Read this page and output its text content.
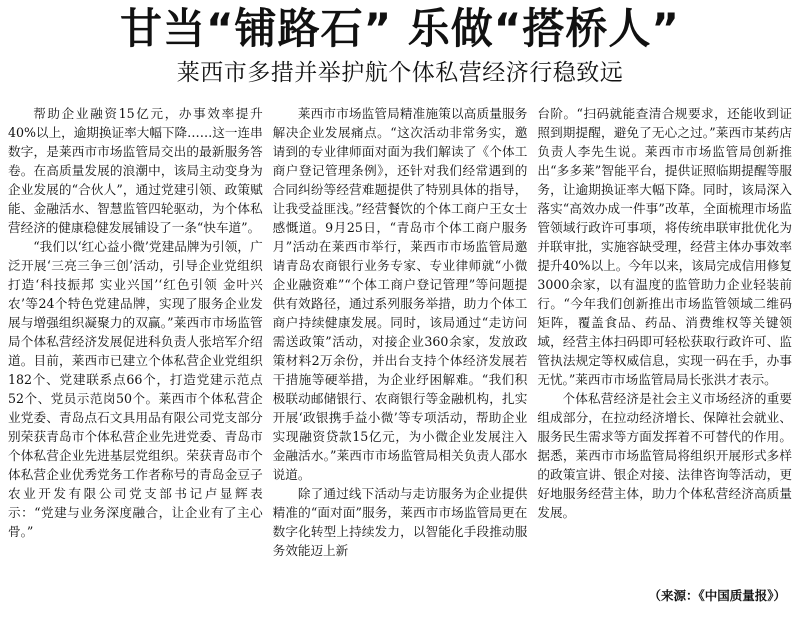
甘当“铺路石” 乐做“搭桥人”
莱西市多措并举护航个体私营经济行稳致远

帮助企业融资15亿元，办事效率提升40%以上，逾期换证率大幅下降……这一连串数字，是莱西市市场监管局交出的最新服务答卷。在高质量发展的浪潮中，该局主动变身为企业发展的“合伙人”，通过党建引领、政策赋能、金融活水、智慧监管四轮驱动，为个体私营经济的健康稳健发展铺设了一条“快车道”。

“我们以‘红心益小微’党建品牌为引领，广泛开展‘三亮三争三创’活动，引导企业党组织打造‘科技振邦 实业兴国’‘红色引领 金叶兴农’等24个特色党建品牌，实现了服务企业发展与增强组织凝聚力的双赢。”莱西市市场监管局个体私营经济发展促进科负责人张培军介绍道。目前，莱西市已建立个体私营企业党组织182个、党建联系点66个，打造党建示范点52个、党员示范岗50个。莱西市个体私营企业党委、青岛点石文具用品有限公司党支部分别荣获青岛市个体私营企业先进党委、青岛市个体私营企业先进基层党组织。荣获青岛市个体私营企业优秀党务工作者称号的青岛金豆子农业开发有限公司党支部书记卢显辉表示：“党建与业务深度融合，让企业有了主心骨。”

莱西市市场监管局精准施策以高质量服务解决企业发展痛点。“这次活动非常务实，邀请到的专业律师面对面为我们解读了《个体工商户登记管理条例》，还针对我们经常遇到的合同纠纷等经营难题提供了特别具体的指导，让我受益匪浅。”经营餐饮的个体工商户王女士感慨道。9月25日，“青岛市个体工商户服务月”活动在莱西市举行，莱西市市场监管局邀请青岛农商银行业务专家、专业律师就“小微企业融资难”“个体工商户登记管理”等问题提供有效路径，通过系列服务举措，助力个体工商户持续健康发展。同时，该局通过“走访问需送政策”活动，对接企业360余家，发放政策材料2万余份，并出台支持个体经济发展若干措施等硬举措，为企业纾困解难。“我们积极联动邮储银行、农商银行等金融机构，扎实开展‘政银携手益小微’等专项活动，帮助企业实现融资贷款15亿元，为小微企业发展注入金融活水。”莱西市市场监管局相关负责人邵水说道。

除了通过线下活动与走访服务为企业提供精准的“面对面”服务，莱西市市场监管局更在数字化转型上持续发力，以智能化手段推动服务效能迈上新

台阶。“扫码就能查清合规要求，还能收到证照到期提醒，避免了无心之过。”莱西市某药店负责人李先生说。莱西市市场监管局创新推出“多多莱”智能平台，提供证照临期提醒等服务，让逾期换证率大幅下降。同时，该局深入落实“高效办成一件事”改革，全面梳理市场监管领域行政许可事项，将传统串联审批优化为并联审批，实施容缺受理，经营主体办事效率提升40%以上。今年以来，该局完成信用修复3000余家，以有温度的监管助力企业轻装前行。“今年我们创新推出市场监管领域二维码矩阵，覆盖食品、药品、消费维权等关键领域，经营主体扫码即可轻松获取行政许可、监管执法规定等权威信息，实现一码在手，办事无忧。”莱西市市场监管局局长张洪才表示。

个体私营经济是社会主义市场经济的重要组成部分，在拉动经济增长、保障社会就业、服务民生需求等方面发挥着不可替代的作用。据悉，莱西市市场监管局将组织开展形式多样的政策宣讲、银企对接、法律咨询等活动，更好地服务经营主体，助力个体私营经济高质量发展。

（来源：《中国质量报》）
